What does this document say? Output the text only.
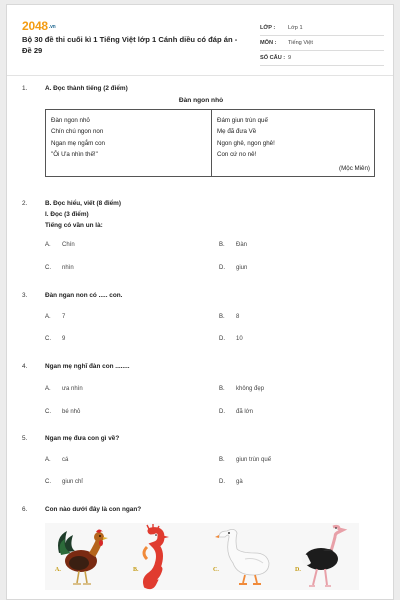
2048.vn
Bộ 30 đề thi cuối kì 1 Tiếng Việt lớp 1 Cánh diều có đáp án - Đề 29
LỚP :	Lớp 1
MÔN :	Tiếng Việt
SỐ CÂU : 9
1.	A. Đọc thành tiếng (2 điểm)
Đàn ngon nhỏ
Đàn ngon nhỏ
Chín chú ngon non
Ngan mẹ ngắm con
"Ôi Ưa nhìn thế!"
Đám giun trùn quế
Mẹ đã đưa Về
Ngon ghê, ngon ghê!
Con cứ no nê!
(Mộc Miên)
2.	B. Đọc hiểu, viết (8 điểm)
I. Đọc (3 điểm)
Tiếng có vần un là:
A. Chín	B. Đàn
C. nhìn	D. giun
3.	Đàn ngan non có ..... con.
A. 7	B. 8
C. 9	D. 10
4.	Ngan mẹ nghĩ đàn con ........
A. ưa nhìn	B. không đẹp
C. bé nhỏ	D. đã lớn
5.	Ngan mẹ đưa con gì về?
A. cá	B. giun trùn quế
C. giun chỉ	D. gà
6.	Con nào dưới đây là con ngan?
A.	B.	C.	D.
